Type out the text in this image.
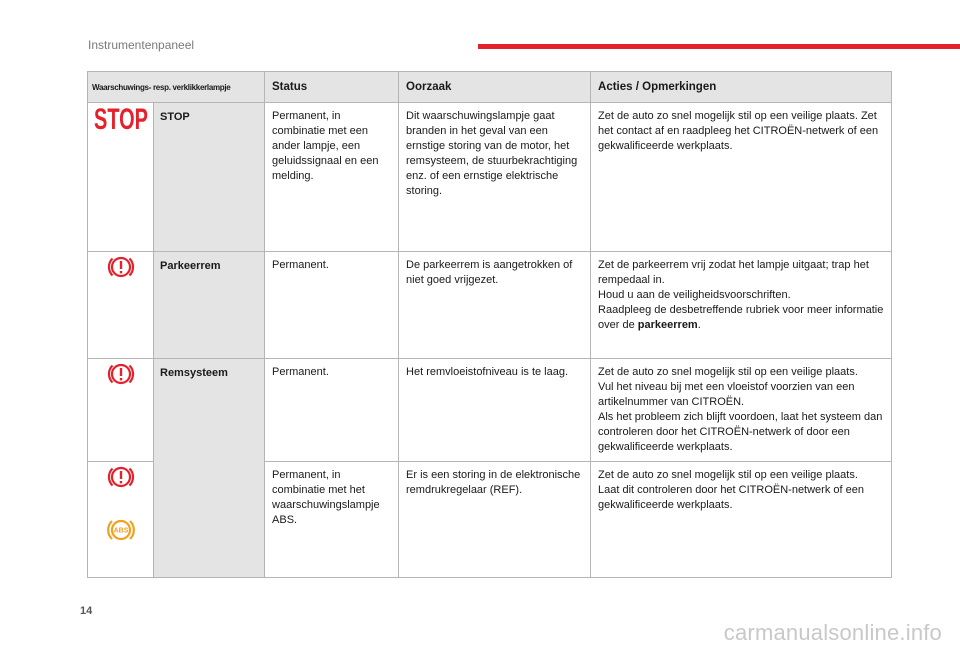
Instrumentenpaneel
Waarschuwings- resp. verklikkerlampje		Status	Oorzaak	Acties / Opmerkingen

STOP	STOP	Permanent, in combinatie met een ander lampje, een geluidssignaal en een melding.	Dit waarschuwingslampje gaat branden in het geval van een ernstige storing van de motor, het remsysteem, de stuurbekrachtiging enz. of een ernstige elektrische storing.	Zet de auto zo snel mogelijk stil op een veilige plaats. Zet het contact af en raadpleeg het CITROËN-netwerk of een gekwalificeerde werkplaats.
	Parkeerrem	Permanent.	De parkeerrem is aangetrokken of niet goed vrijgezet.	Zet de parkeerrem vrij zodat het lampje uitgaat; trap het rempedaal in.
Houd u aan de veiligheidsvoorschriften.
Raadpleeg de desbetreffende rubriek voor meer informatie over de parkeerrem.

	Remsysteem	Permanent.	Het remvloeistofniveau is te laag.	Zet de auto zo snel mogelijk stil op een veilige plaats.
Vul het niveau bij met een vloeistof voorzien van een artikelnummer van CITROËN.
Als het probleem zich blijft voordoen, laat het systeem dan controleren door het CITROËN-netwerk of door een gekwalificeerde werkplaats.

ABS		Permanent, in combinatie met het waarschuwingslampje ABS.	Er is een storing in de elektronische remdrukregelaar (REF).	Zet de auto zo snel mogelijk stil op een veilige plaats.
Laat dit controleren door het CITROËN-netwerk of een gekwalificeerde werkplaats.
14
carmanualsonline.info
